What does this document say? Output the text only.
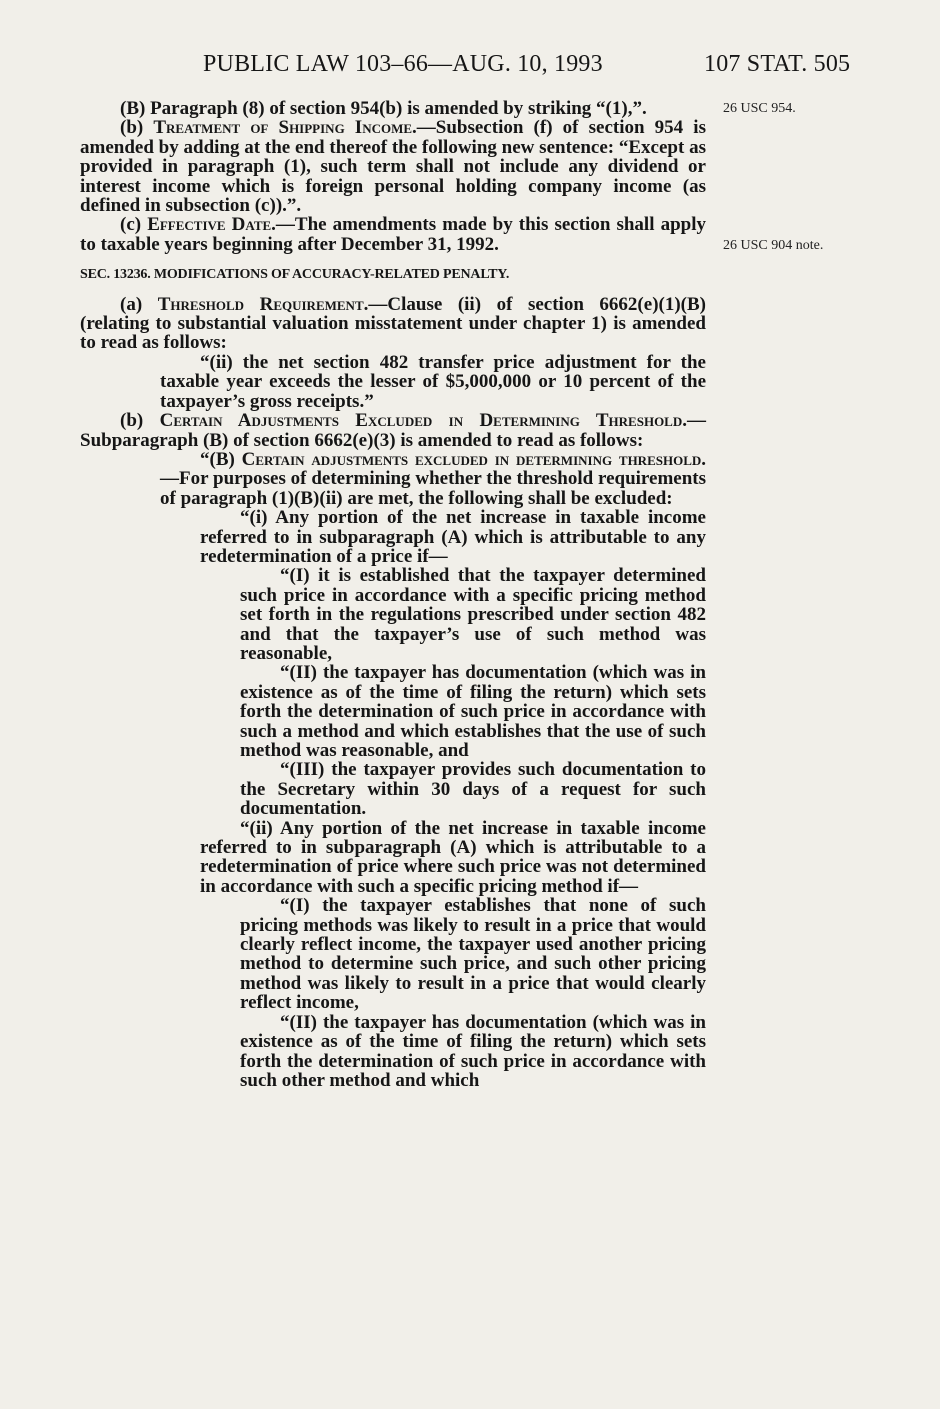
PUBLIC LAW 103–66—AUG. 10, 1993	107 STAT. 505
26 USC 954.
26 USC 904 note.
(B) Paragraph (8) of section 954(b) is amended by striking “(1),”.
(b) Treatment of Shipping Income.—Subsection (f) of section 954 is amended by adding at the end thereof the following new sentence: “Except as provided in paragraph (1), such term shall not include any dividend or interest income which is foreign personal holding company income (as defined in subsection (c)).”.
(c) Effective Date.—The amendments made by this section shall apply to taxable years beginning after December 31, 1992.
SEC. 13236. MODIFICATIONS OF ACCURACY-RELATED PENALTY.
(a) Threshold Requirement.—Clause (ii) of section 6662(e)(1)(B) (relating to substantial valuation misstatement under chapter 1) is amended to read as follows:
“(ii) the net section 482 transfer price adjustment for the taxable year exceeds the lesser of $5,000,000 or 10 percent of the taxpayer’s gross receipts.”
(b) Certain Adjustments Excluded in Determining Threshold.—Subparagraph (B) of section 6662(e)(3) is amended to read as follows:
“(B) Certain adjustments excluded in determining threshold.—For purposes of determining whether the threshold requirements of paragraph (1)(B)(ii) are met, the following shall be excluded:
“(i) Any portion of the net increase in taxable income referred to in subparagraph (A) which is attributable to any redetermination of a price if—
“(I) it is established that the taxpayer determined such price in accordance with a specific pricing method set forth in the regulations prescribed under section 482 and that the taxpayer’s use of such method was reasonable,
“(II) the taxpayer has documentation (which was in existence as of the time of filing the return) which sets forth the determination of such price in accordance with such a method and which establishes that the use of such method was reasonable, and
“(III) the taxpayer provides such documentation to the Secretary within 30 days of a request for such documentation.
“(ii) Any portion of the net increase in taxable income referred to in subparagraph (A) which is attributable to a redetermination of price where such price was not determined in accordance with such a specific pricing method if—
“(I) the taxpayer establishes that none of such pricing methods was likely to result in a price that would clearly reflect income, the taxpayer used another pricing method to determine such price, and such other pricing method was likely to result in a price that would clearly reflect income,
“(II) the taxpayer has documentation (which was in existence as of the time of filing the return) which sets forth the determination of such price in accordance with such other method and which
